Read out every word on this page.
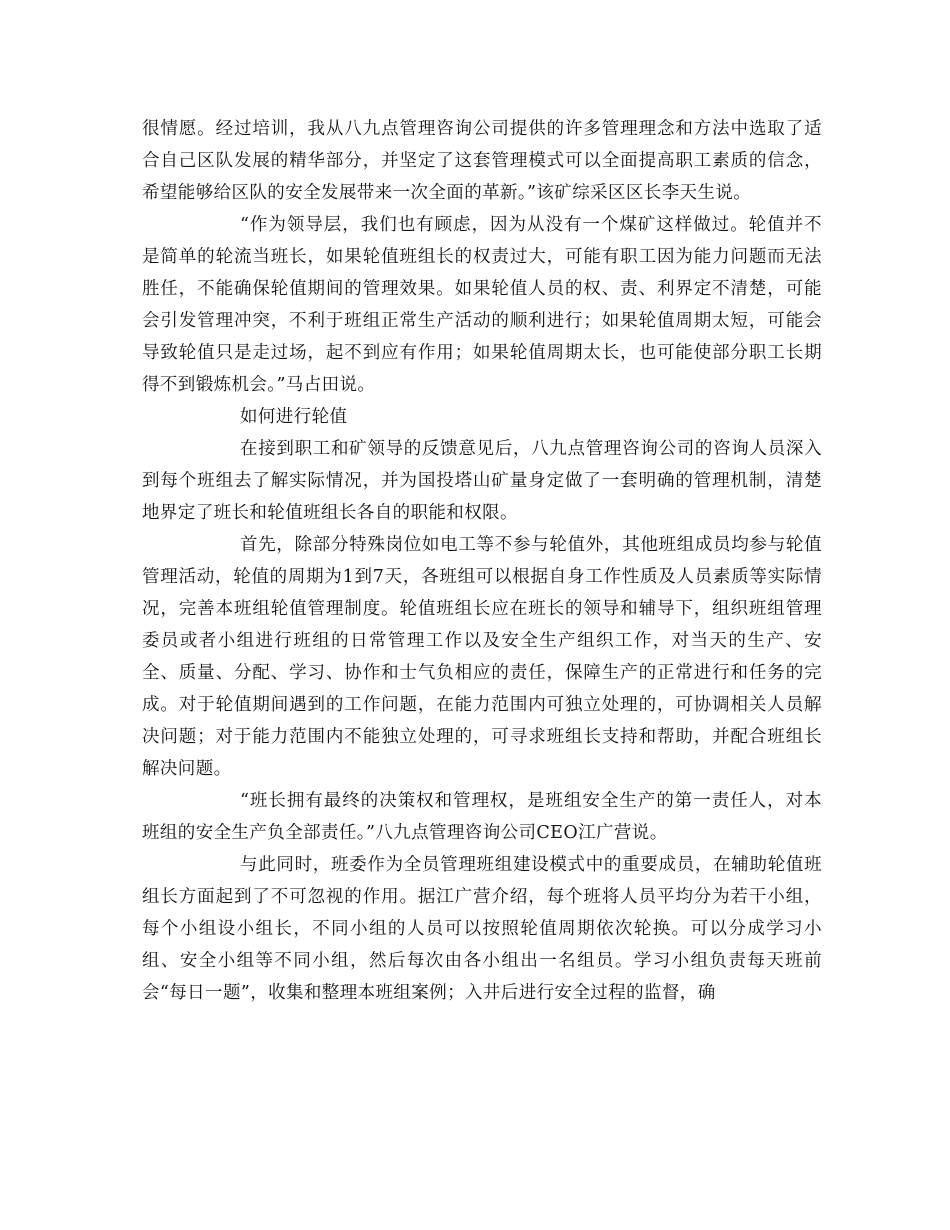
很情愿。经过培训，我从八九点管理咨询公司提供的许多管理理念和方法中选取了适合自己区队发展的精华部分，并坚定了这套管理模式可以全面提高职工素质的信念，希望能够给区队的安全发展带来一次全面的革新。”该矿综采区区长李天生说。

“作为领导层，我们也有顾虑，因为从没有一个煤矿这样做过。轮值并不是简单的轮流当班长，如果轮值班组长的权责过大，可能有职工因为能力问题而无法胜任，不能确保轮值期间的管理效果。如果轮值人员的权、责、利界定不清楚，可能会引发管理冲突，不利于班组正常生产活动的顺利进行；如果轮值周期太短，可能会导致轮值只是走过场，起不到应有作用；如果轮值周期太长，也可能使部分职工长期得不到锻炼机会。”马占田说。

如何进行轮值

在接到职工和矿领导的反馈意见后，八九点管理咨询公司的咨询人员深入到每个班组去了解实际情况，并为国投塔山矿量身定做了一套明确的管理机制，清楚地界定了班长和轮值班组长各自的职能和权限。

首先，除部分特殊岗位如电工等不参与轮值外，其他班组成员均参与轮值管理活动，轮值的周期为1到7天，各班组可以根据自身工作性质及人员素质等实际情况，完善本班组轮值管理制度。轮值班组长应在班长的领导和辅导下，组织班组管理委员或者小组进行班组的日常管理工作以及安全生产组织工作，对当天的生产、安全、质量、分配、学习、协作和士气负相应的责任，保障生产的正常进行和任务的完成。对于轮值期间遇到的工作问题，在能力范围内可独立处理的，可协调相关人员解决问题；对于能力范围内不能独立处理的，可寻求班组长支持和帮助，并配合班组长解决问题。

“班长拥有最终的决策权和管理权，是班组安全生产的第一责任人，对本班组的安全生产负全部责任。”八九点管理咨询公司CEO江广营说。

与此同时，班委作为全员管理班组建设模式中的重要成员，在辅助轮值班组长方面起到了不可忽视的作用。据江广营介绍，每个班将人员平均分为若干小组，每个小组设小组长，不同小组的人员可以按照轮值周期依次轮换。可以分成学习小组、安全小组等不同小组，然后每次由各小组出一名组员。学习小组负责每天班前会“每日一题”，收集和整理本班组案例；入井后进行安全过程的监督，确
